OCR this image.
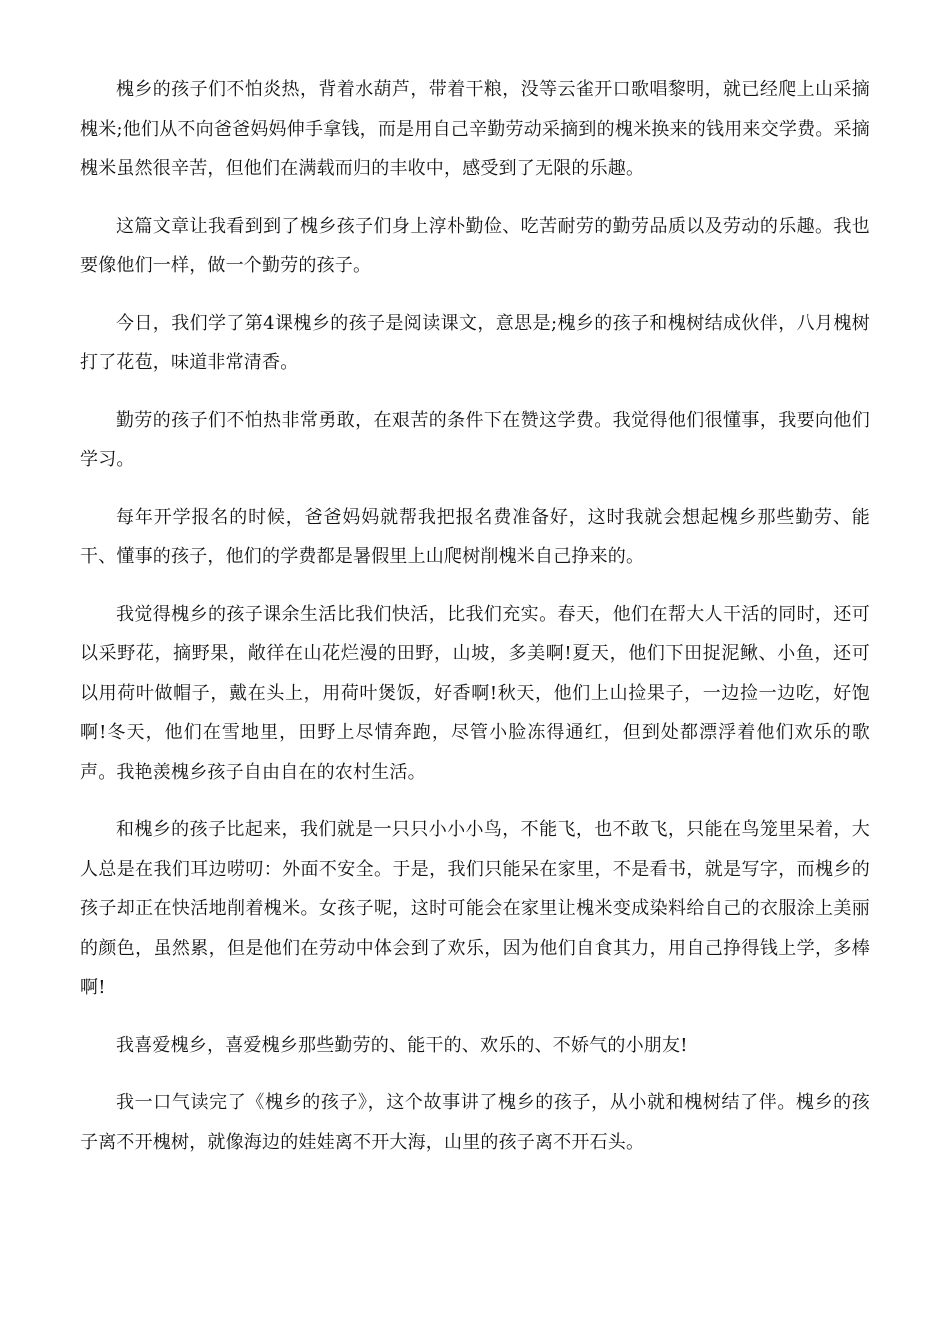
槐乡的孩子们不怕炎热，背着水葫芦，带着干粮，没等云雀开口歌唱黎明，就已经爬上山采摘槐米;他们从不向爸爸妈妈伸手拿钱，而是用自己辛勤劳动采摘到的槐米换来的钱用来交学费。采摘槐米虽然很辛苦，但他们在满载而归的丰收中，感受到了无限的乐趣。

这篇文章让我看到到了槐乡孩子们身上淳朴勤俭、吃苦耐劳的勤劳品质以及劳动的乐趣。我也要像他们一样，做一个勤劳的孩子。

今日，我们学了第4课槐乡的孩子是阅读课文，意思是;槐乡的孩子和槐树结成伙伴，八月槐树打了花苞，味道非常清香。

勤劳的孩子们不怕热非常勇敢，在艰苦的条件下在赞这学费。我觉得他们很懂事，我要向他们学习。

每年开学报名的时候，爸爸妈妈就帮我把报名费准备好，这时我就会想起槐乡那些勤劳、能干、懂事的孩子，他们的学费都是暑假里上山爬树削槐米自己挣来的。

我觉得槐乡的孩子课余生活比我们快活，比我们充实。春天，他们在帮大人干活的同时，还可以采野花，摘野果，敞徉在山花烂漫的田野，山坡，多美啊!夏天，他们下田捉泥鳅、小鱼，还可以用荷叶做帽子，戴在头上，用荷叶煲饭，好香啊!秋天，他们上山捡果子，一边捡一边吃，好饱啊!冬天，他们在雪地里，田野上尽情奔跑，尽管小脸冻得通红，但到处都漂浮着他们欢乐的歌声。我艳羡槐乡孩子自由自在的农村生活。

和槐乡的孩子比起来，我们就是一只只小小小鸟，不能飞，也不敢飞，只能在鸟笼里呆着，大人总是在我们耳边唠叨：外面不安全。于是，我们只能呆在家里，不是看书，就是写字，而槐乡的孩子却正在快活地削着槐米。女孩子呢，这时可能会在家里让槐米变成染料给自己的衣服涂上美丽的颜色，虽然累，但是他们在劳动中体会到了欢乐，因为他们自食其力，用自己挣得钱上学，多棒啊!

我喜爱槐乡，喜爱槐乡那些勤劳的、能干的、欢乐的、不娇气的小朋友!

我一口气读完了《槐乡的孩子》，这个故事讲了槐乡的孩子，从小就和槐树结了伴。槐乡的孩子离不开槐树，就像海边的娃娃离不开大海，山里的孩子离不开石头。
